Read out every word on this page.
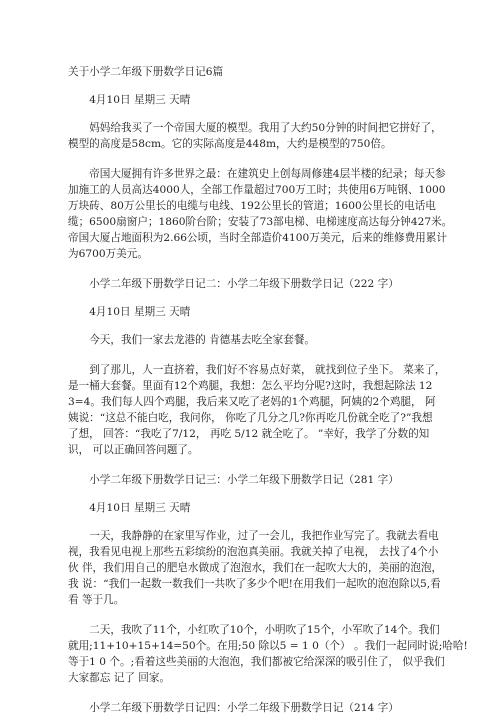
关于小学二年级下册数学日记6篇
4月10日 星期三 天晴

妈妈给我买了一个帝国大厦的模型。我用了大约50分钟的时间把它拼好了，
模型的高度是58cm。它的实际高度是448m，大约是模型的750倍。

帝国大厦拥有许多世界之最：在建筑史上创每周修建4层半楼的纪录；每天参
加施工的人员高达4000人，全部工作量超过700万工时；共使用6万吨钢、1000
万块砖、80万公里长的电缆与电线、192公里长的管道；1600公里长的电话电
缆；6500扇窗户；1860阶台阶；安装了73部电梯、电梯速度高达每分钟427米。
帝国大厦占地面积为2.66公顷，当时全部造价4100万美元，后来的维修费用累计
为6700万美元。

小学二年级下册数学日记二：小学二年级下册数学日记（222 字）
4月10日 星期三 天晴

今天，我们一家去龙港的 肯德基去吃全家套餐。

到了那儿，人一直挤着，我们好不容易点好菜， 就找到位子坐下。 菜来了，
是一桶大套餐。里面有12个鸡腿，我想：怎么平均分呢?这时，我想起除法 12
3=4。我们每人四个鸡腿，我后来又吃了老妈的1个鸡腿，阿姨的2个鸡腿， 阿
姨说：“这总不能白吃，我问你， 你吃了几分之几?你再吃几份就全吃了?”我想
了想， 回答：“我吃了7/12， 再吃 5/12 就全吃了。 ”幸好，我学了分数的知
识， 可以正确回答问题了。

小学二年级下册数学日记三：小学二年级下册数学日记（281 字）
4月10日 星期三 天晴

一天，我静静的在家里写作业，过了一会儿，我把作业写完了。我就去看电
视，我看见电视上那些五彩缤纷的泡泡真美丽。我就关掉了电视， 去找了4个小
伙 伴，我们用自己的肥皂水做成了泡泡水，我们在一起吹大大的，美丽的泡泡，
我 说：“我们一起数一数我们一共吹了多少个吧!在用我们一起吹的泡泡除以5,看
看 等于几。

二天，我吹了11个，小红吹了10个，小明吹了15个，小军吹了14个。我们
就用;11+10+15+14=50个。在用;50 除以5 = 1 0（个） 。我们一起同时说;哈哈!
等于1 0 个。;看着这些美丽的大泡泡，我们都被它给深深的吸引住了， 似乎我们
大家都忘 记了 回家。

小学二年级下册数学日记四：小学二年级下册数学日记（214 字）
